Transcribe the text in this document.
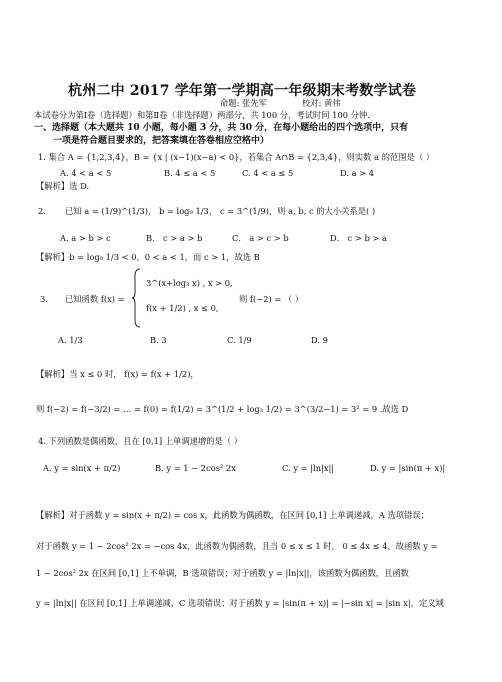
杭州二中 2017 学年第一学期高一年级期末考数学试卷
命题: 张先军	校对: 黄伟
本试卷分为第Ⅰ卷（选择题）和第Ⅱ卷（非选择题）两部分，共 100 分，考试时间 100 分钟.
一、选择题（本大题共 10 小题，每小题 3 分，共 30 分，在每小题给出的四个选项中，只有
一项是符合题目要求的，把答案填在答卷相应空格中）
1. 集合 A = {1,2,3,4}，B = {x | (x−1)(x−a) < 0}，若集合 A∩B = {2,3,4}，则实数 a 的范围是（ ）
A. 4 < a < 5	B. 4 ≤ a < 5	C. 4 < a ≤ 5	D. a > 4
【解析】选 D.
2. 已知 a = (1/9)^(1/3)， b = log₉ 1/3， c = 3^(1/9)，则 a, b, c 的大小关系是( )
A. a > b > c	B． c > a > b	C． a > c > b	D． c > b > a
【解析】b = log₉ 1/3 < 0，0 < a < 1，而 c > 1，故选 B
3. 已知函数 f(x) =
3^(x+log₃ x) , x > 0,
f(x + 1/2) , x ≤ 0,
则 f(−2) = （ ）
A. 1/3	B. 3	C. 1/9	D. 9
【解析】当 x ≤ 0 时， f(x) = f(x + 1/2)，
则 f(−2) = f(−3/2) = … = f(0) = f(1/2) = 3^(1/2 + log₃ 1/2) = 3^(3/2−1) = 3² = 9 .故选 D
4. 下列函数是偶函数，且在 [0,1] 上单调递增的是（ ）
A. y = sin(x + π/2)	B. y = 1 − 2cos² 2x	C. y = |ln|x||	D. y = |sin(π + x)|
【解析】对于函数 y = sin(x + π/2) = cos x，此函数为偶函数，在区间 [0,1] 上单调递减，A 选项错误；
对于函数 y = 1 − 2cos² 2x = −cos 4x，此函数为偶函数，且当 0 ≤ x ≤ 1 时， 0 ≤ 4x ≤ 4，故函数 y =
1 − 2cos² 2x 在区间 [0,1] 上不单调，B 选项错误；对于函数 y = |ln|x||，该函数为偶函数，且函数
y = |ln|x|| 在区间 [0,1] 上单调递减，C 选项错误；对于函数 y = |sin(π + x)| = |−sin x| = |sin x|，定义域
